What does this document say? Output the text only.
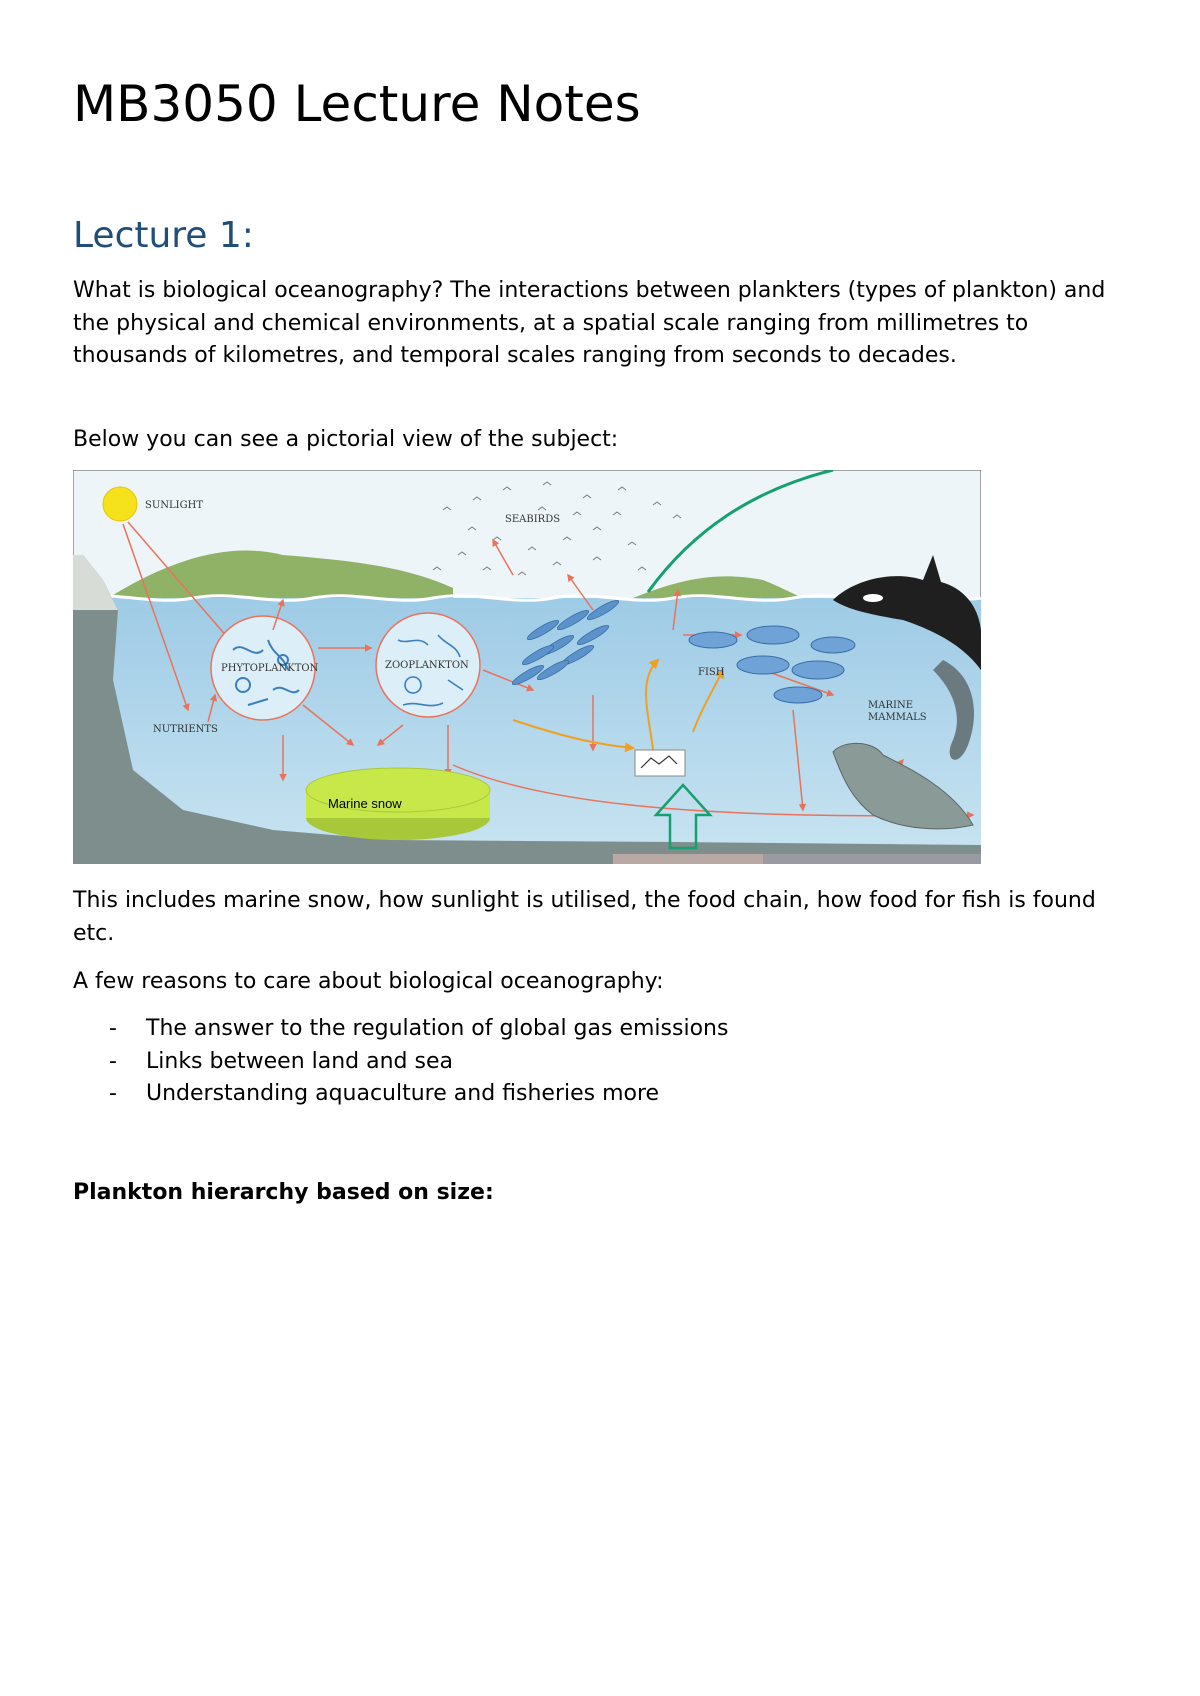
MB3050 Lecture Notes
Lecture 1:

What is biological oceanography? The interactions between plankters (types of plankton) and the physical and chemical environments, at a spatial scale ranging from millimetres to thousands of kilometres, and temporal scales ranging from seconds to decades.

Below you can see a pictorial view of the subject:

SUNLIGHT
SEABIRDS
PHYTOPLANKTON	ZOOPLANKTON
NUTRIENTS
FISH
MARINE
MAMMALS
Marine snow

This includes marine snow, how sunlight is utilised, the food chain, how food for fish is found etc.

A few reasons to care about biological oceanography:

- The answer to the regulation of global gas emissions
- Links between land and sea
- Understanding aquaculture and fisheries more

Plankton hierarchy based on size:
